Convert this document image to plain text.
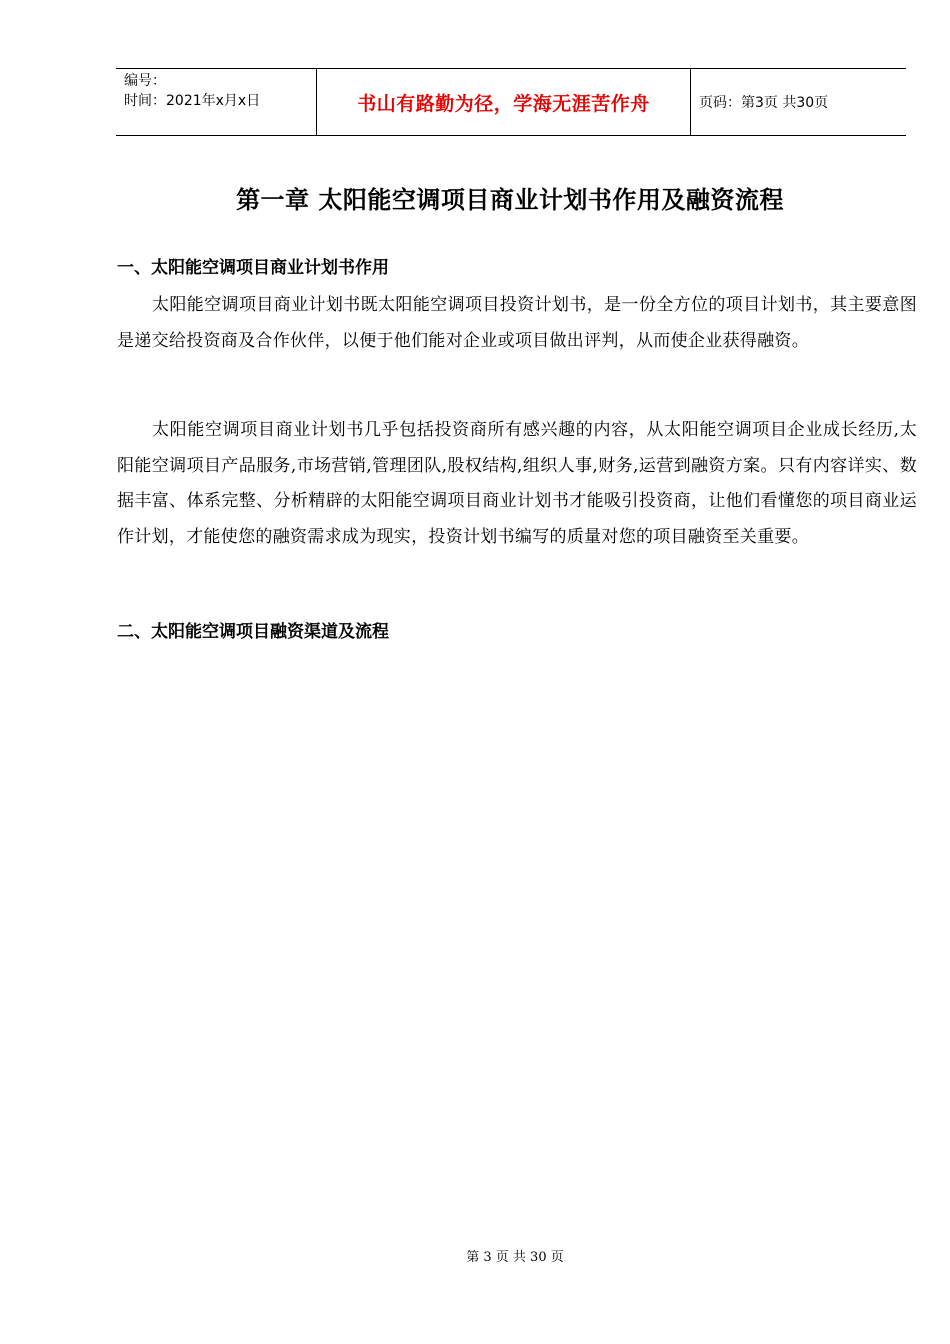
编号：
时间：2021年x月x日	书山有路勤为径，学海无涯苦作舟	页码：第3页 共30页
第一章 太阳能空调项目商业计划书作用及融资流程
一、太阳能空调项目商业计划书作用
太阳能空调项目商业计划书既太阳能空调项目投资计划书，是一份全方位的项目计划书，其主要意图是递交给投资商及合作伙伴，以便于他们能对企业或项目做出评判，从而使企业获得融资。
太阳能空调项目商业计划书几乎包括投资商所有感兴趣的内容，从太阳能空调项目企业成长经历,太阳能空调项目产品服务,市场营销,管理团队,股权结构,组织人事,财务,运营到融资方案。只有内容详实、数据丰富、体系完整、分析精辟的太阳能空调项目商业计划书才能吸引投资商，让他们看懂您的项目商业运作计划，才能使您的融资需求成为现实，投资计划书编写的质量对您的项目融资至关重要。
二、太阳能空调项目融资渠道及流程
第 3 页 共 30 页
